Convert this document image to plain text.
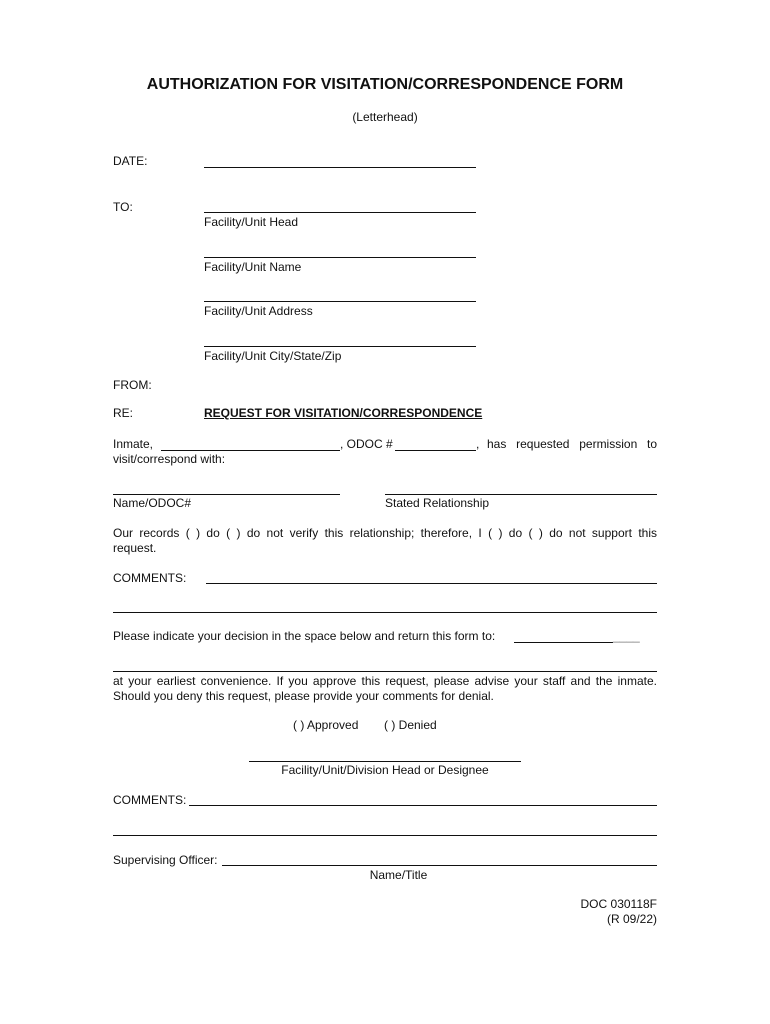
AUTHORIZATION FOR VISITATION/CORRESPONDENCE FORM
(Letterhead)
DATE:
TO:
Facility/Unit Head
Facility/Unit Name
Facility/Unit Address
Facility/Unit City/State/Zip
FROM:
RE:	REQUEST FOR VISITATION/CORRESPONDENCE
Inmate,	, ODOC #	, has requested permission to
visit/correspond with:
Name/ODOC#	Stated Relationship
Our records ( ) do ( ) do not verify this relationship; therefore, I ( ) do ( ) do not support this
request.
COMMENTS:
Please indicate your decision in the space below and return this form to:	____
at your earliest convenience. If you approve this request, please advise your staff and the inmate.
Should you deny this request, please provide your comments for denial.
( ) Approved ( ) Denied
Facility/Unit/Division Head or Designee
COMMENTS:
Supervising Officer:
Name/Title
DOC 030118F
(R 09/22)
